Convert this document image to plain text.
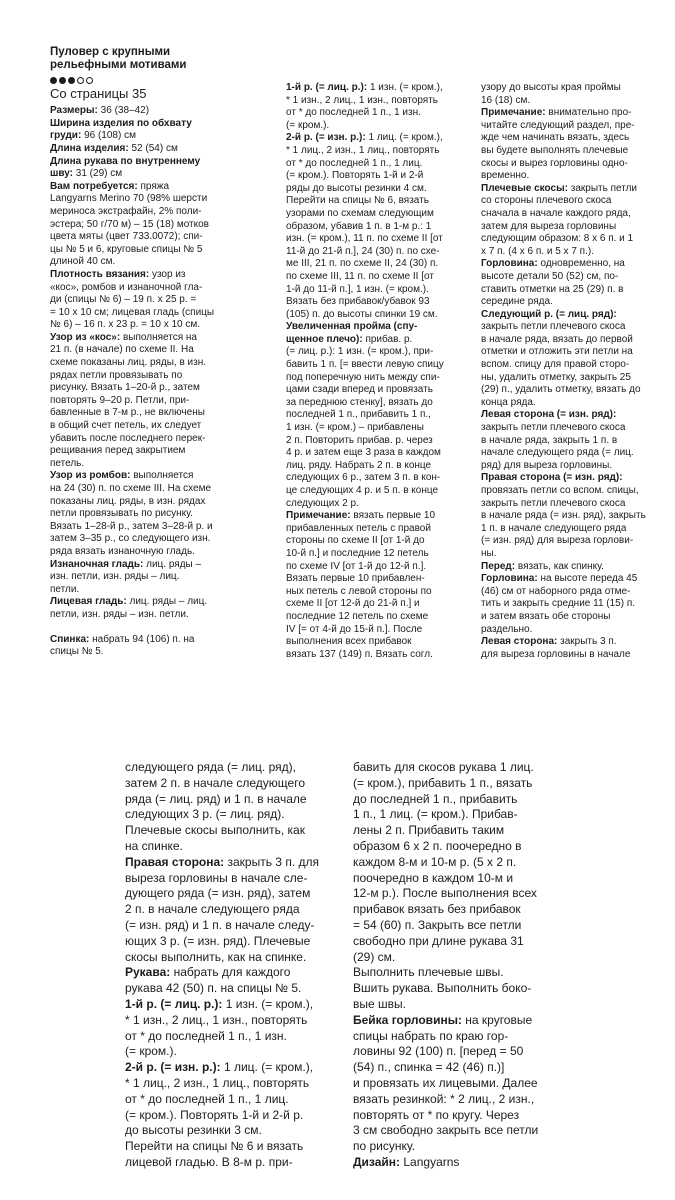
Пуловер с крупными

рельефными мотивами

Со страницы 35

Размеры: 36 (38–42)

Ширина изделия по обхвату

груди: 96 (108) см

Длина изделия: 52 (54) см

Длина рукава по внутреннему

шву: 31 (29) см

Вам потребуется: пряжа

Langyarns Merino 70 (98% шерсти

мериноса экстрафайн, 2% поли-

эстера; 50 г/70 м) – 15 (18) мотков

цвета мяты (цвет 733.0072); спи-

цы № 5 и 6, круговые спицы № 5

длиной 40 см.

Плотность вязания: узор из

«кос», ромбов и изнаночной гла-

ди (спицы № 6) – 19 п. х 25 р. =

= 10 х 10 см; лицевая гладь (спицы

№ 6) – 16 п. х 23 р. = 10 х 10 см.

Узор из «кос»: выполняется на

21 п. (в начале) по схеме II. На

схеме показаны лиц. ряды, в изн.

рядах петли провязывать по

рисунку. Вязать 1–20-й р., затем

повторять 9–20 р. Петли, при-

бавленные в 7-м р., не включены

в общий счет петель, их следует

убавить после последнего перек-

рещивания перед закрытием

петель.

Узор из ромбов: выполняется

на 24 (30) п. по схеме III. На схеме

показаны лиц. ряды, в изн. рядах

петли провязывать по рисунку.

Вязать 1–28-й р., затем 3–28-й р. и

затем 3–35 р., со следующего изн.

ряда вязать изнаночную гладь.

Изнаночная гладь: лиц. ряды –

изн. петли, изн. ряды – лиц.

петли.

Лицевая гладь: лиц. ряды – лиц.

петли, изн. ряды – изн. петли.

Спинка: набрать 94 (106) п. на

спицы № 5.

1-й р. (= лиц. р.): 1 изн. (= кром.),

* 1 изн., 2 лиц., 1 изн., повторять

от * до последней 1 п., 1 изн.

(= кром.).

2-й р. (= изн. р.): 1 лиц. (= кром.),

* 1 лиц., 2 изн., 1 лиц., повторять

от * до последней 1 п., 1 лиц.

(= кром.). Повторять 1-й и 2-й

ряды до высоты резинки 4 см.

Перейти на спицы № 6, вязать

узорами по схемам следующим

образом, убавив 1 п. в 1-м р.: 1

изн. (= кром.), 11 п. по схеме II [от

11-й до 21-й п.], 24 (30) п. по схе-

ме III, 21 п. по схеме II, 24 (30) п.

по схеме III, 11 п. по схеме II [от

1-й до 11-й п.], 1 изн. (= кром.).

Вязать без прибавок/убавок 93

(105) п. до высоты спинки 19 см.

Увеличенная пройма (спу-

щенное плечо): прибав. р.

(= лиц. р.): 1 изн. (= кром.), при-

бавить 1 п. [= ввести левую спицу

под поперечную нить между спи-

цами сзади вперед и провязать

за переднюю стенку], вязать до

последней 1 п., прибавить 1 п.,

1 изн. (= кром.) – прибавлены

2 п. Повторить прибав. р. через

4 р. и затем еще 3 раза в каждом

лиц. ряду. Набрать 2 п. в конце

следующих 6 р., затем 3 п. в кон-

це следующих 4 р. и 5 п. в конце

следующих 2 р.

Примечание: вязать первые 10

прибавленных петель с правой

стороны по схеме II [от 1-й до

10-й п.] и последние 12 петель

по схеме IV [от 1-й до 12-й п.].

Вязать первые 10 прибавлен-

ных петель с левой стороны по

схеме II [от 12-й до 21-й п.] и

последние 12 петель по схеме

IV [= от 4-й до 15-й п.]. После

выполнения всех прибавок

вязать 137 (149) п. Вязать согл.

узору до высоты края проймы

16 (18) см.

Примечание: внимательно про-

читайте следующий раздел, пре-

жде чем начинать вязать, здесь

вы будете выполнять плечевые

скосы и вырез горловины одно-

временно.

Плечевые скосы: закрыть петли

со стороны плечевого скоса

сначала в начале каждого ряда,

затем для выреза горловины

следующим образом: 8 х 6 п. и 1

х 7 п. (4 х 6 п. и 5 х 7 п.).

Горловина: одновременно, на

высоте детали 50 (52) см, по-

ставить отметки на 25 (29) п. в

середине ряда.

Следующий р. (= лиц. ряд):

закрыть петли плечевого скоса

в начале ряда, вязать до первой

отметки и отложить эти петли на

вспом. спицу для правой сторо-

ны, удалить отметку, закрыть 25

(29) п., удалить отметку, вязать до

конца ряда.

Левая сторона (= изн. ряд):

закрыть петли плечевого скоса

в начале ряда, закрыть 1 п. в

начале следующего ряда (= лиц.

ряд) для выреза горловины.

Правая сторона (= изн. ряд):

провязать петли со вспом. спицы,

закрыть петли плечевого скоса

в начале ряда (= изн. ряд), закрыть

1 п. в начале следующего ряда

(= изн. ряд) для выреза горлови-

ны.

Перед: вязать, как спинку.

Горловина: на высоте переда 45

(46) см от наборного ряда отме-

тить и закрыть средние 11 (15) п.

и затем вязать обе стороны

раздельно.

Левая сторона: закрыть 3 п.

для выреза горловины в начале

следующего ряда (= лиц. ряд),

затем 2 п. в начале следующего

ряда (= лиц. ряд) и 1 п. в начале

следующих 3 р. (= лиц. ряд).

Плечевые скосы выполнить, как

на спинке.

Правая сторона: закрыть 3 п. для

выреза горловины в начале сле-

дующего ряда (= изн. ряд), затем

2 п. в начале следующего ряда

(= изн. ряд) и 1 п. в начале следу-

ющих 3 р. (= изн. ряд). Плечевые

скосы выполнить, как на спинке.

Рукава: набрать для каждого

рукава 42 (50) п. на спицы № 5.

1-й р. (= лиц. р.): 1 изн. (= кром.),

* 1 изн., 2 лиц., 1 изн., повторять

от * до последней 1 п., 1 изн.

(= кром.).

2-й р. (= изн. р.): 1 лиц. (= кром.),

* 1 лиц., 2 изн., 1 лиц., повторять

от * до последней 1 п., 1 лиц.

(= кром.). Повторять 1-й и 2-й р.

до высоты резинки 3 см.

Перейти на спицы № 6 и вязать

лицевой гладью. В 8-м р. при-

бавить для скосов рукава 1 лиц.

(= кром.), прибавить 1 п., вязать

до последней 1 п., прибавить

1 п., 1 лиц. (= кром.). Прибав-

лены 2 п. Прибавить таким

образом 6 х 2 п. поочередно в

каждом 8-м и 10-м р. (5 х 2 п.

поочередно в каждом 10-м и

12-м р.). После выполнения всех

прибавок вязать без прибавок

= 54 (60) п. Закрыть все петли

свободно при длине рукава 31

(29) см.

Выполнить плечевые швы.

Вшить рукава. Выполнить боко-

вые швы.

Бейка горловины: на круговые

спицы набрать по краю гор-

ловины 92 (100) п. [перед = 50

(54) п., спинка = 42 (46) п.)]

и провязать их лицевыми. Далее

вязать резинкой: * 2 лиц., 2 изн.,

повторять от * по кругу. Через

3 см свободно закрыть все петли

по рисунку.

Дизайн: Langyarns
